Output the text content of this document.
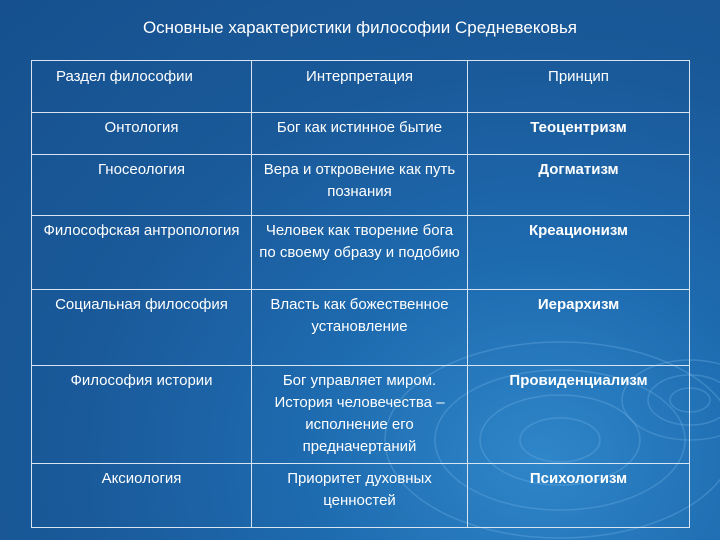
Основные характеристики философии Средневековья
Раздел философии	Интерпретация	Принцип
Онтология	Бог как истинное бытие	Теоцентризм
Гносеология	Вера и откровение как путь познания	Догматизм
Философская антропология	Человек как творение бога по своему образу и подобию	Креационизм
Социальная философия	Власть как божественное установление	Иерархизм
Философия истории	Бог управляет миром. История человечества – исполнение его предначертаний	Провиденциализм
Аксиология	Приоритет духовных ценностей	Психологизм
